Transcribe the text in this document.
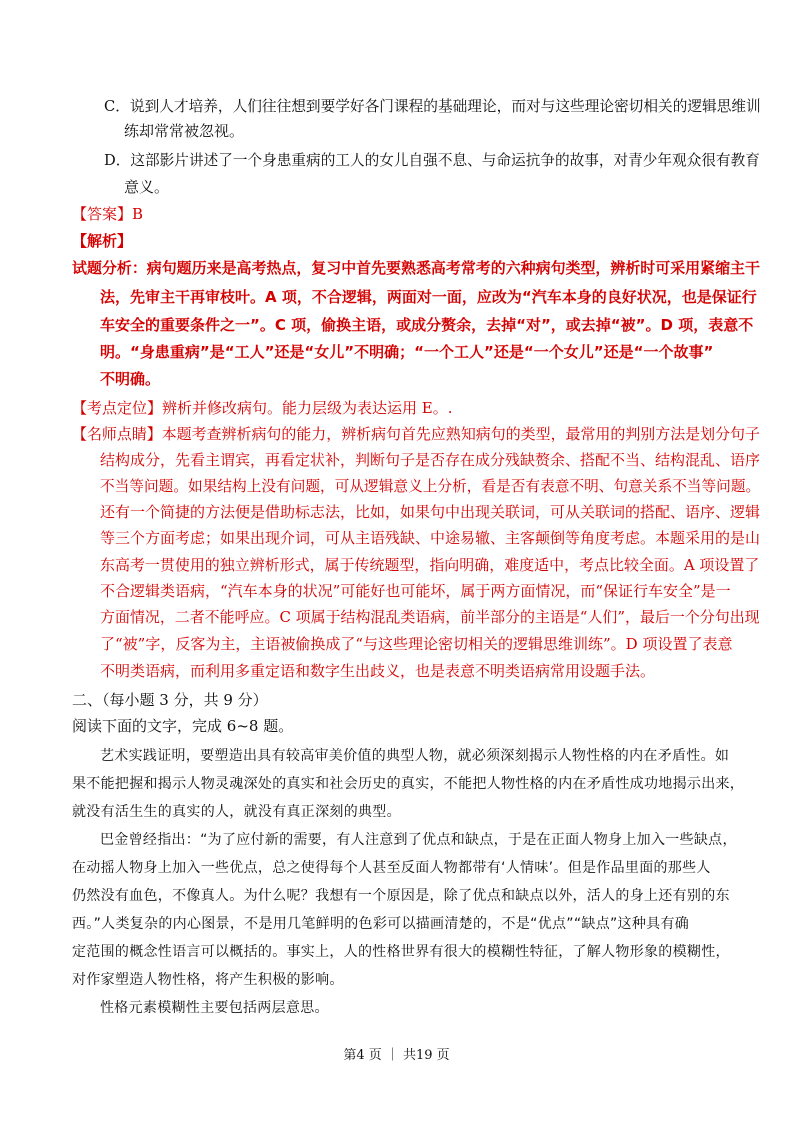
C．说到人才培养，人们往往想到要学好各门课程的基础理论，而对与这些理论密切相关的逻辑思维训
练却常常被忽视。
D．这部影片讲述了一个身患重病的工人的女儿自强不息、与命运抗争的故事，对青少年观众很有教育
意义。
【答案】B
【解析】
试题分析：病句题历来是高考热点，复习中首先要熟悉高考常考的六种病句类型，辨析时可采用紧缩主干
法，先审主干再审枝叶。A 项，不合逻辑，两面对一面，应改为“汽车本身的良好状况，也是保证行
车安全的重要条件之一”。C 项，偷换主语，或成分赘余，去掉“对”，或去掉“被”。D 项，表意不
明。“身患重病”是“工人”还是“女儿”不明确；“一个工人”还是“一个女儿”还是“一个故事”
不明确。
【考点定位】辨析并修改病句。能力层级为表达运用 E。.
【名师点睛】本题考查辨析病句的能力，辨析病句首先应熟知病句的类型，最常用的判别方法是划分句子
结构成分，先看主谓宾，再看定状补，判断句子是否存在成分残缺赘余、搭配不当、结构混乱、语序
不当等问题。如果结构上没有问题，可从逻辑意义上分析，看是否有表意不明、句意关系不当等问题。
还有一个简捷的方法便是借助标志法，比如，如果句中出现关联词，可从关联词的搭配、语序、逻辑
等三个方面考虑；如果出现介词，可从主语残缺、中途易辙、主客颠倒等角度考虑。本题采用的是山
东高考一贯使用的独立辨析形式，属于传统题型，指向明确，难度适中，考点比较全面。A 项设置了
不合逻辑类语病，“汽车本身的状况”可能好也可能坏，属于两方面情况，而“保证行车安全”是一
方面情况，二者不能呼应。C 项属于结构混乱类语病，前半部分的主语是“人们”，最后一个分句出现
了“被”字，反客为主，主语被偷换成了“与这些理论密切相关的逻辑思维训练”。D 项设置了表意
不明类语病，而利用多重定语和数字生出歧义，也是表意不明类语病常用设题手法。
二、（每小题 3 分，共 9 分）
阅读下面的文字，完成 6~8 题。
艺术实践证明，要塑造出具有较高审美价值的典型人物，就必须深刻揭示人物性格的内在矛盾性。如
果不能把握和揭示人物灵魂深处的真实和社会历史的真实，不能把人物性格的内在矛盾性成功地揭示出来，
就没有活生生的真实的人，就没有真正深刻的典型。
巴金曾经指出：“为了应付新的需要，有人注意到了优点和缺点，于是在正面人物身上加入一些缺点，
在动摇人物身上加入一些优点，总之使得每个人甚至反面人物都带有‘人情味’。但是作品里面的那些人
仍然没有血色，不像真人。为什么呢？我想有一个原因是，除了优点和缺点以外，活人的身上还有别的东
西。”人类复杂的内心图景，不是用几笔鲜明的色彩可以描画清楚的，不是“优点”“缺点”这种具有确
定范围的概念性语言可以概括的。事实上，人的性格世界有很大的模糊性特征，了解人物形象的模糊性，
对作家塑造人物性格，将产生积极的影响。
性格元素模糊性主要包括两层意思。
第4 页 ｜ 共19 页
